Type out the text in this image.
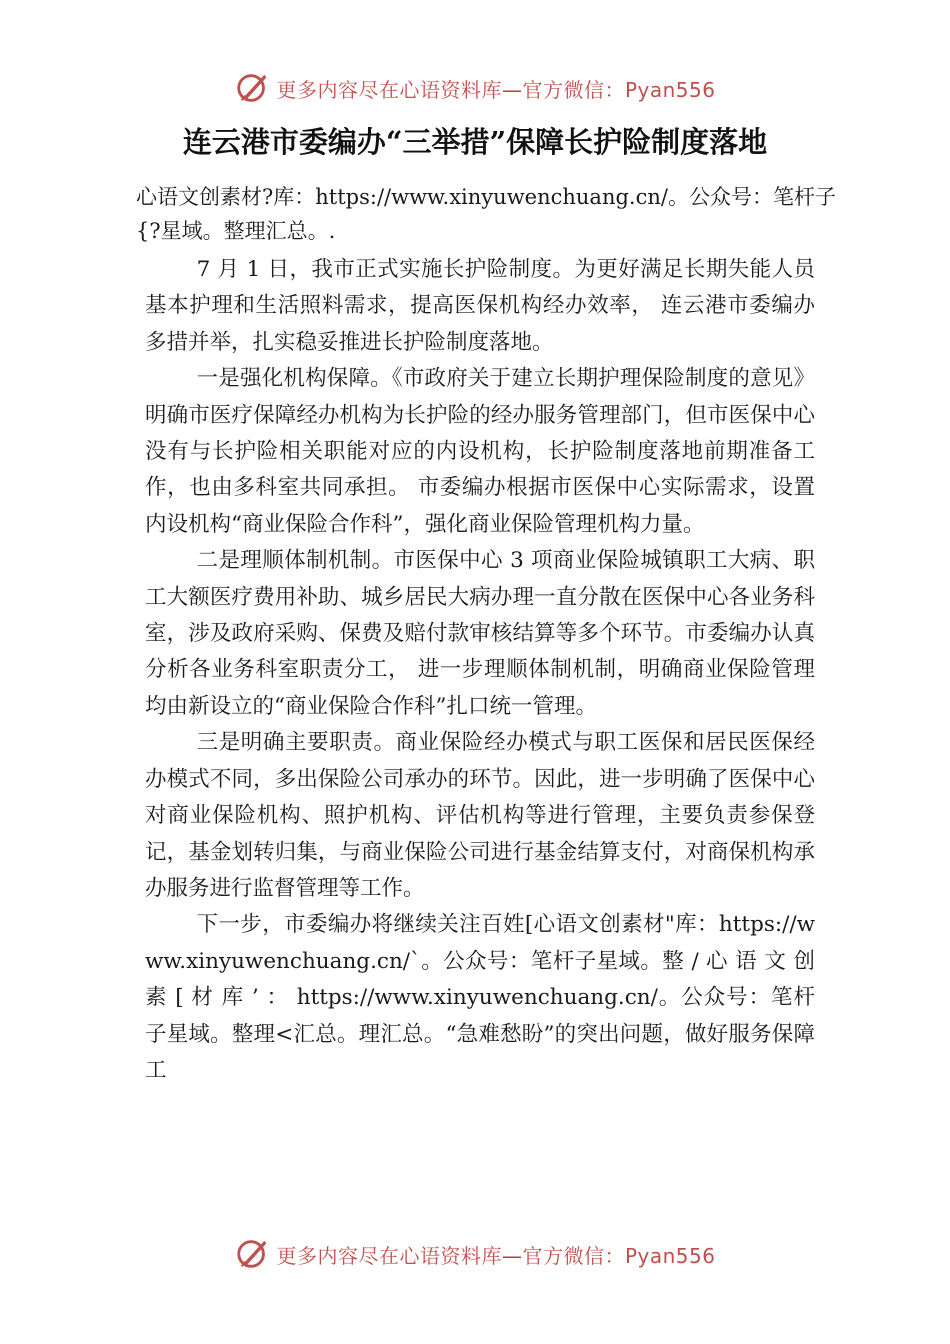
更多内容尽在心语资料库—官方微信：Pyan556
连云港市委编办“三举措”保障长护险制度落地

心语文创素材?库：https://www.xinyuwenchuang.cn/。公众号：笔杆子{?星域。整理汇总。.

7 月 1 日，我市正式实施长护险制度。为更好满足长期失能人员基本护理和生活照料需求，提高医保机构经办效率， 连云港市委编办多措并举，扎实稳妥推进长护险制度落地。

一是强化机构保障。《市政府关于建立长期护理保险制度的意见》明确市医疗保障经办机构为长护险的经办服务管理部门，但市医保中心没有与长护险相关职能对应的内设机构，长护险制度落地前期准备工作，也由多科室共同承担。 市委编办根据市医保中心实际需求，设置内设机构“商业保险合作科”，强化商业保险管理机构力量。

二是理顺体制机制。市医保中心 3 项商业保险城镇职工大病、职工大额医疗费用补助、城乡居民大病办理一直分散在医保中心各业务科室，涉及政府采购、保费及赔付款审核结算等多个环节。市委编办认真分析各业务科室职责分工， 进一步理顺体制机制，明确商业保险管理均由新设立的“商业保险合作科”扎口统一管理。

三是明确主要职责。商业保险经办模式与职工医保和居民医保经办模式不同，多出保险公司承办的环节。因此，进一步明确了医保中心对商业保险机构、照护机构、评估机构等进行管理，主要负责参保登记，基金划转归集，与商业保险公司进行基金结算支付，对商保机构承办服务进行监督管理等工作。

下一步，市委编办将继续关注百姓[心语文创素材"库：https://www.xinyuwenchuang.cn/`。公众号：笔杆子星域。整 / 心 语 文 创 素 [ 材 库 ’ ： https://www.xinyuwenchuang.cn/。公众号：笔杆子星域。整理<汇总。理汇总。“急难愁盼”的突出问题，做好服务保障工

更多内容尽在心语资料库—官方微信：Pyan556
